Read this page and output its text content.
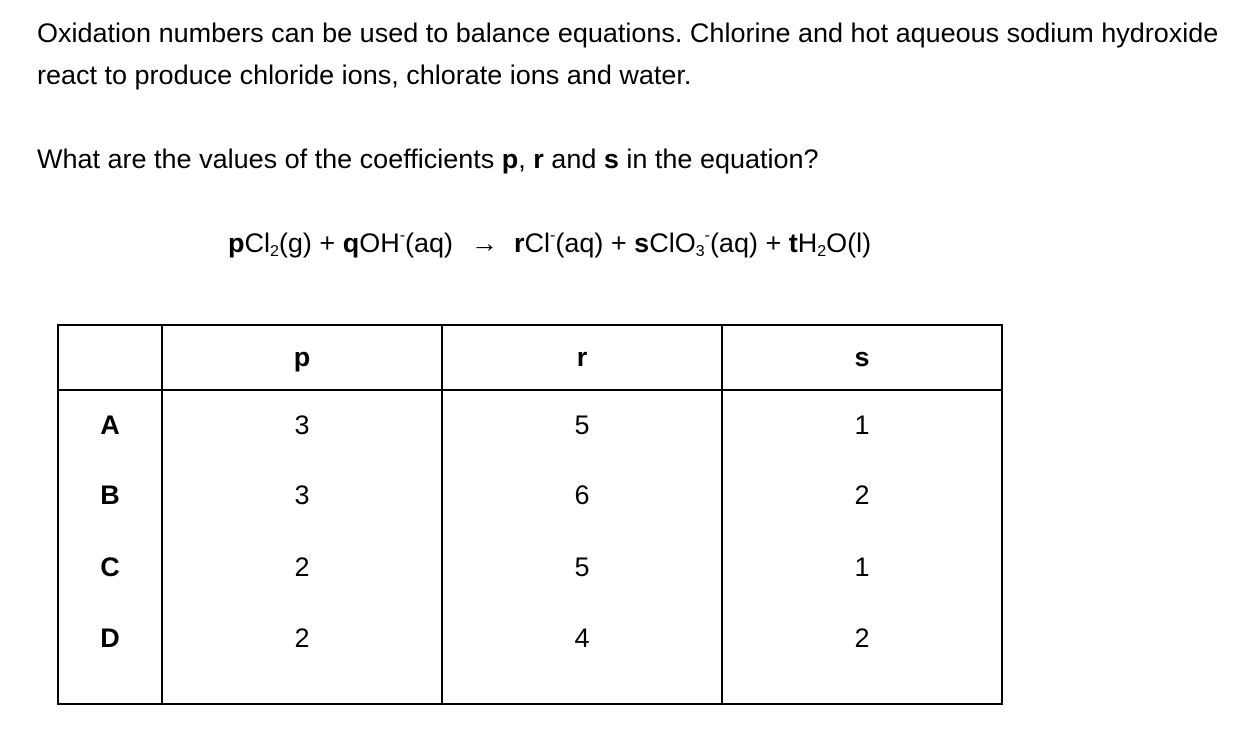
Oxidation numbers can be used to balance equations. Chlorine and hot aqueous sodium hydroxide react to produce chloride ions, chlorate ions and water.

What are the values of the coefficients p, r and s in the equation?

pCl$_2$(g) + qOH-(aq) → rCl-(aq) + sClO$_3$-(aq) + $tH_2O(l)$
	p	r	s
A	3	5	1
B	3	6	2
C	2	5	1
D	2	4	2
